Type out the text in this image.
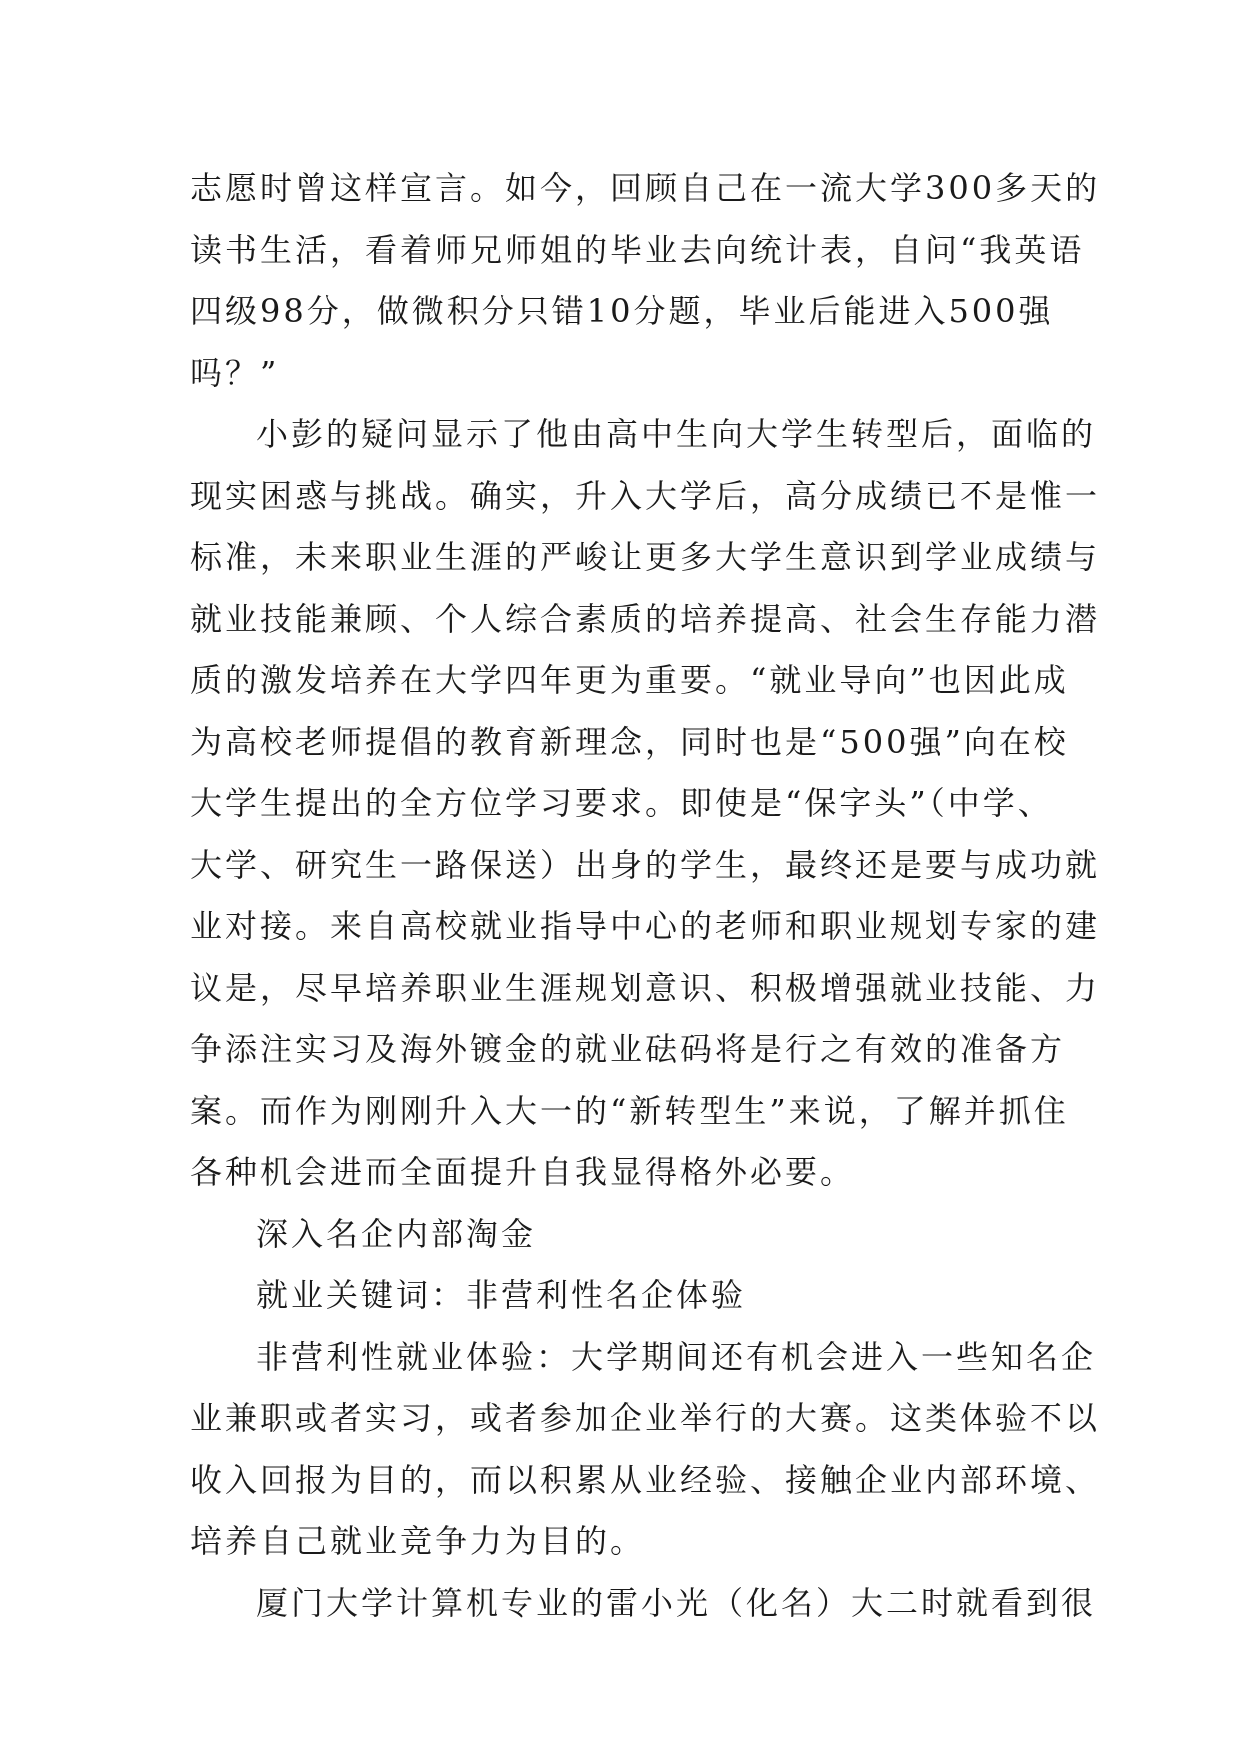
志愿时曾这样宣言。如今，回顾自己在一流大学300多天的
读书生活，看着师兄师姐的毕业去向统计表，自问“我英语
四级98分，做微积分只错10分题，毕业后能进入500强
吗？”
小彭的疑问显示了他由高中生向大学生转型后，面临的
现实困惑与挑战。确实，升入大学后，高分成绩已不是惟一
标准，未来职业生涯的严峻让更多大学生意识到学业成绩与
就业技能兼顾、个人综合素质的培养提高、社会生存能力潜
质的激发培养在大学四年更为重要。“就业导向”也因此成
为高校老师提倡的教育新理念，同时也是“500强”向在校
大学生提出的全方位学习要求。即使是“保字头”（中学、
大学、研究生一路保送）出身的学生，最终还是要与成功就
业对接。来自高校就业指导中心的老师和职业规划专家的建
议是，尽早培养职业生涯规划意识、积极增强就业技能、力
争添注实习及海外镀金的就业砝码将是行之有效的准备方
案。而作为刚刚升入大一的“新转型生”来说，了解并抓住
各种机会进而全面提升自我显得格外必要。
深入名企内部淘金
就业关键词：非营利性名企体验
非营利性就业体验：大学期间还有机会进入一些知名企
业兼职或者实习，或者参加企业举行的大赛。这类体验不以
收入回报为目的，而以积累从业经验、接触企业内部环境、
培养自己就业竞争力为目的。
厦门大学计算机专业的雷小光（化名）大二时就看到很
